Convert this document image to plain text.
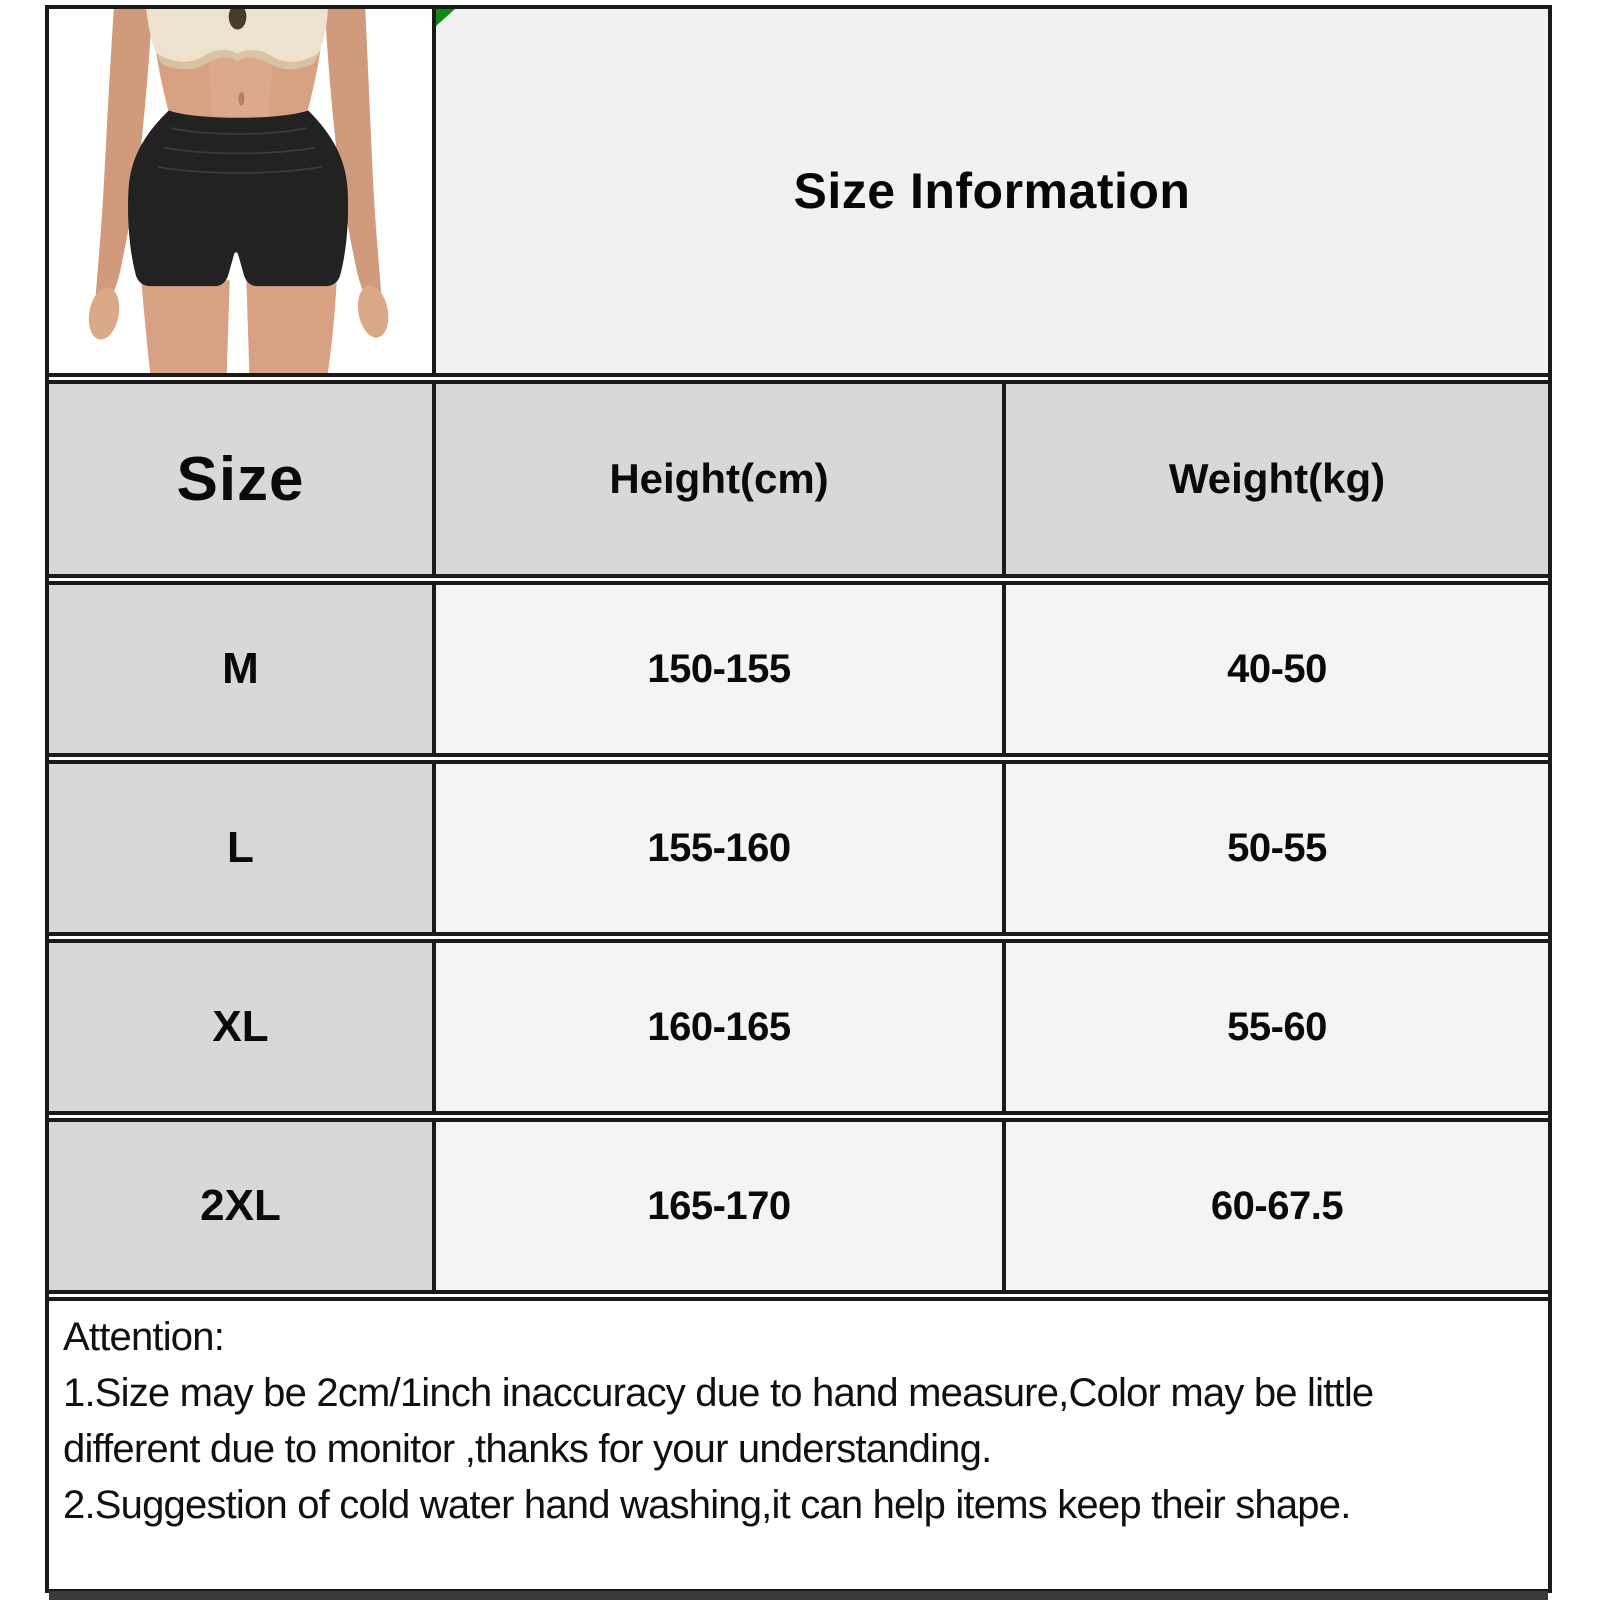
Size Information
Size	Height(cm)	Weight(kg)
M	150-155	40-50
L	155-160	50-55
XL	160-165	55-60
2XL	165-170	60-67.5
Attention:
1.Size may be 2cm/1inch inaccuracy due to hand measure,Color may be little
different due to monitor ,thanks for your understanding.
2.Suggestion of cold water hand washing,it can help items keep their shape.
